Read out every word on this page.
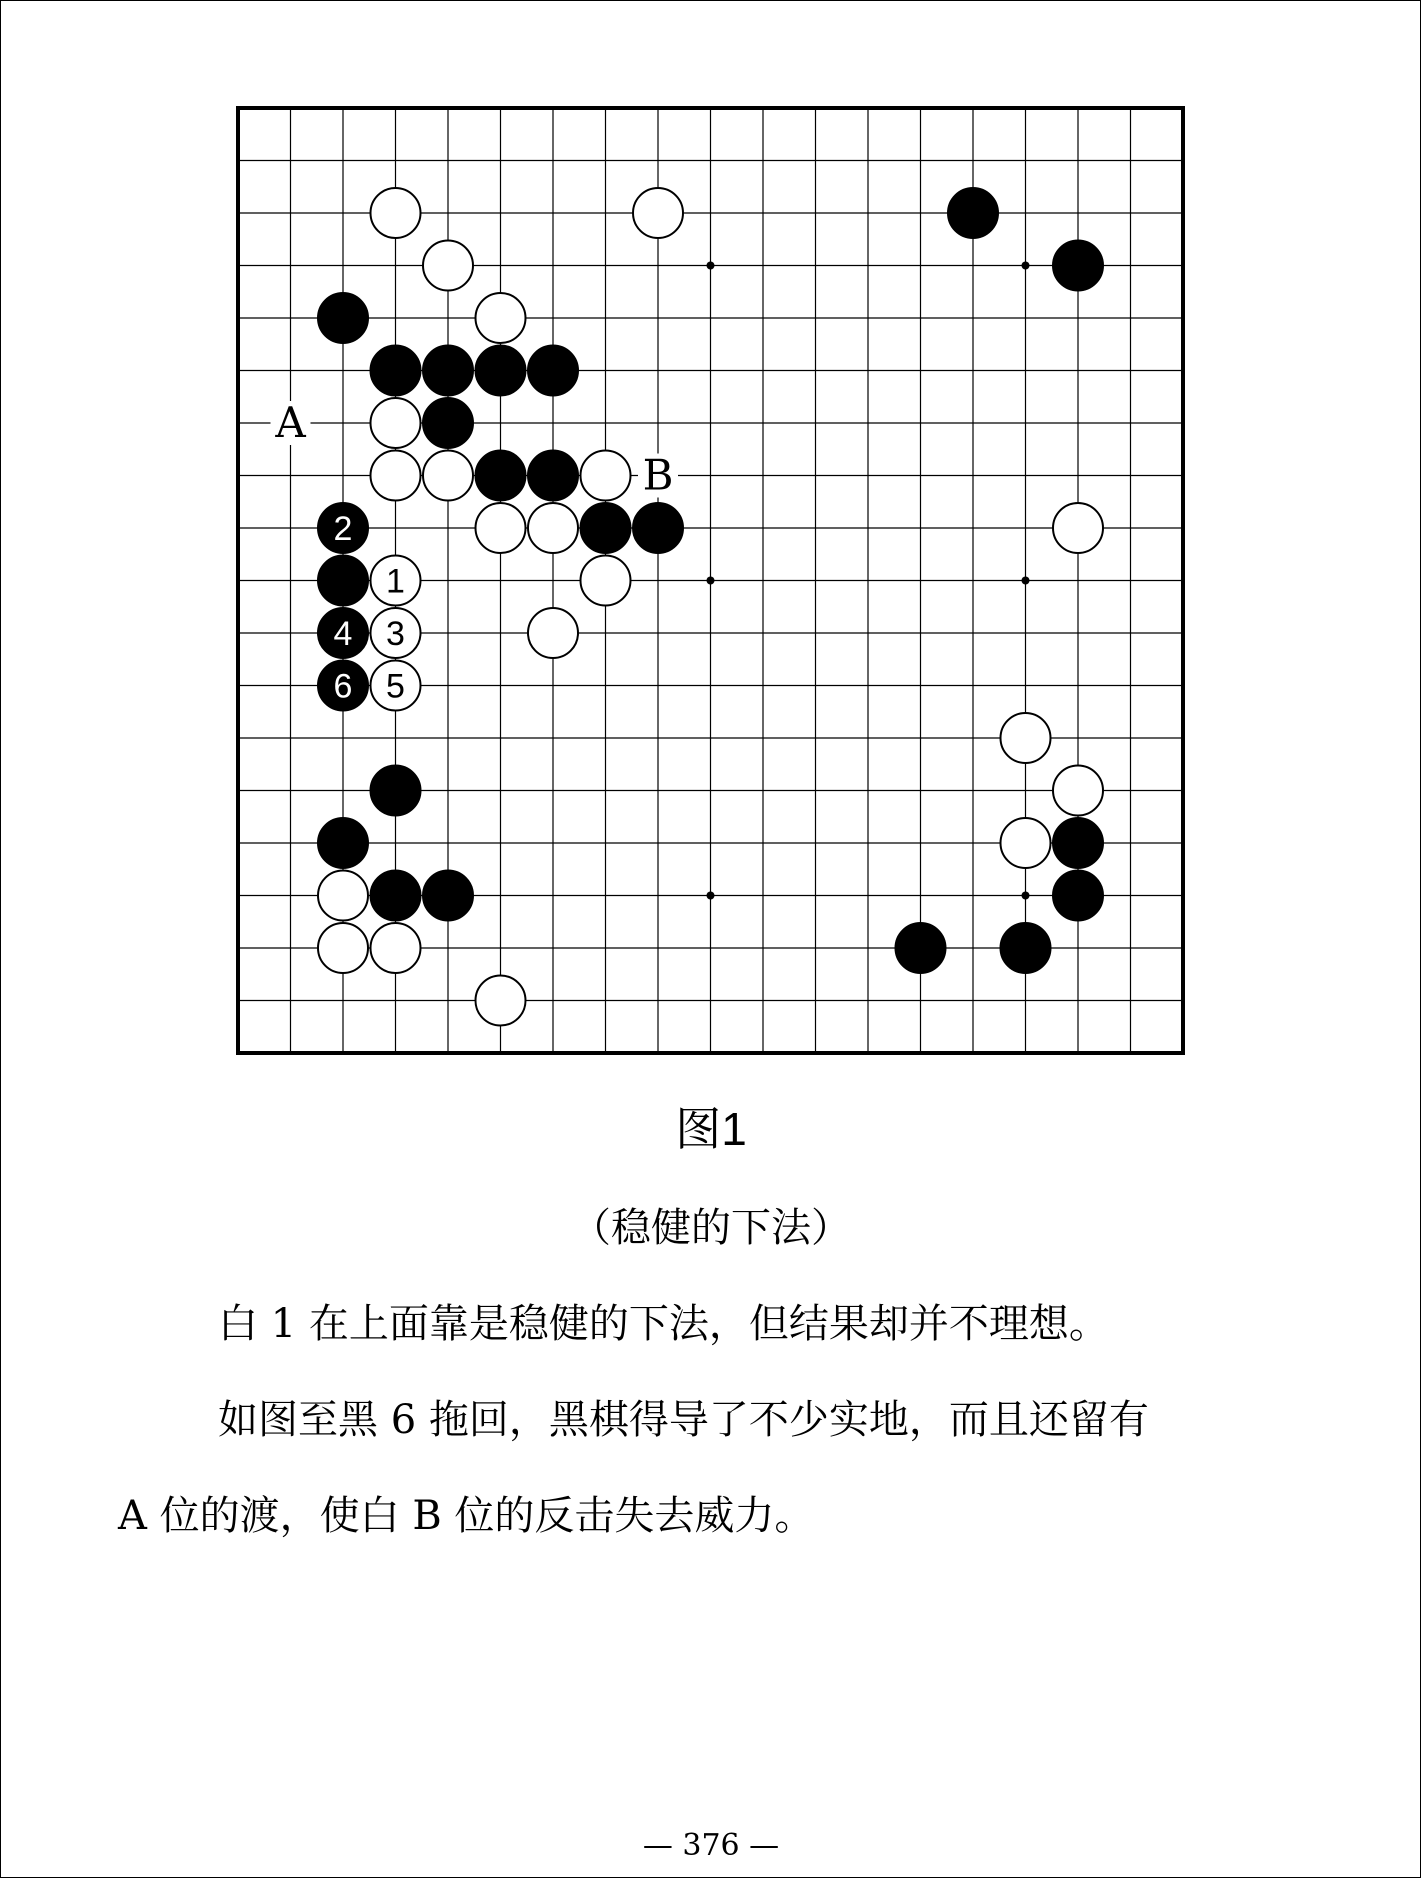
A
B
1
2
3
4
5
6
图1
（稳健的下法）
白 1 在上面靠是稳健的下法，但结果却并不理想。
如图至黑 6 拖回，黑棋得导了不少实地，而且还留有
A 位的渡，使白 B 位的反击失去威力。
— 376 —
